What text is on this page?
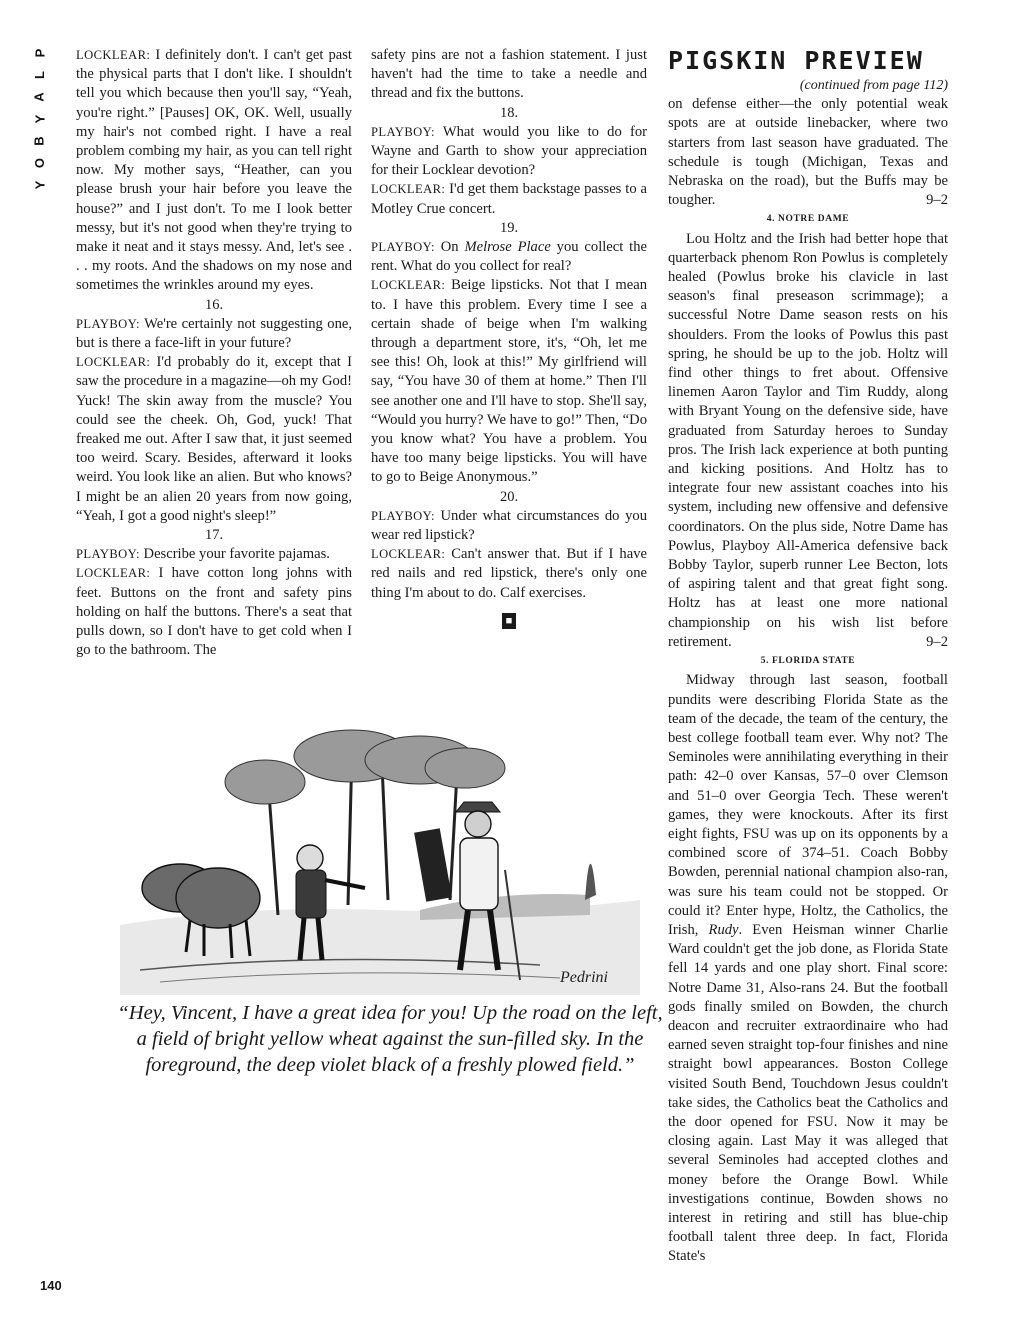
P
L
A
Y
B
O
Y

LOCKLEAR: I definitely don't. I can't get past the physical parts that I don't like. I shouldn't tell you which because then you'll say, “Yeah, you're right.” [Pauses] OK, OK. Well, usually my hair's not combed right. I have a real problem combing my hair, as you can tell right now. My mother says, “Heather, can you please brush your hair before you leave the house?” and I just don't. To me I look better messy, but it's not good when they're trying to make it neat and it stays messy. And, let's see . . . my roots. And the shadows on my nose and sometimes the wrinkles around my eyes.

16.

PLAYBOY: We're certainly not suggesting one, but is there a face-lift in your future?

LOCKLEAR: I'd probably do it, except that I saw the procedure in a magazine—oh my God! Yuck! The skin away from the muscle? You could see the cheek. Oh, God, yuck! That freaked me out. After I saw that, it just seemed too weird. Scary. Besides, afterward it looks weird. You look like an alien. But who knows? I might be an alien 20 years from now going, “Yeah, I got a good night's sleep!”

17.

PLAYBOY: Describe your favorite pajamas.

LOCKLEAR: I have cotton long johns with feet. Buttons on the front and safety pins holding on half the buttons. There's a seat that pulls down, so I don't have to get cold when I go to the bathroom. The

safety pins are not a fashion statement. I just haven't had the time to take a needle and thread and fix the buttons.

18.

PLAYBOY: What would you like to do for Wayne and Garth to show your appreciation for their Locklear devotion?

LOCKLEAR: I'd get them backstage passes to a Motley Crue concert.

19.

PLAYBOY: On Melrose Place you collect the rent. What do you collect for real?

LOCKLEAR: Beige lipsticks. Not that I mean to. I have this problem. Every time I see a certain shade of beige when I'm walking through a department store, it's, “Oh, let me see this! Oh, look at this!” My girlfriend will say, “You have 30 of them at home.” Then I'll see another one and I'll have to stop. She'll say, “Would you hurry? We have to go!” Then, “Do you know what? You have a problem. You have too many beige lipsticks. You will have to go to Beige Anonymous.”

20.

PLAYBOY: Under what circumstances do you wear red lipstick?

LOCKLEAR: Can't answer that. But if I have red nails and red lipstick, there's only one thing I'm about to do. Calf exercises.

■

PIGSKIN PREVIEW

(continued from page 112)

on defense either—the only potential weak spots are at outside linebacker, where two starters from last season have graduated. The schedule is tough (Michigan, Texas and Nebraska on the road), but the Buffs may be tougher.	9–2

4. NOTRE DAME

Lou Holtz and the Irish had better hope that quarterback phenom Ron Powlus is completely healed (Powlus broke his clavicle in last season's final preseason scrimmage); a successful Notre Dame season rests on his shoulders. From the looks of Powlus this past spring, he should be up to the job. Holtz will find other things to fret about. Offensive linemen Aaron Taylor and Tim Ruddy, along with Bryant Young on the defensive side, have graduated from Saturday heroes to Sunday pros. The Irish lack experience at both punting and kicking positions. And Holtz has to integrate four new assistant coaches into his system, including new offensive and defensive coordinators. On the plus side, Notre Dame has Powlus, Playboy All-America defensive back Bobby Taylor, superb runner Lee Becton, lots of aspiring talent and that great fight song. Holtz has at least one more national championship on his wish list before retirement.	9–2

5. FLORIDA STATE

Midway through last season, football pundits were describing Florida State as the team of the decade, the team of the century, the best college football team ever. Why not? The Seminoles were annihilating everything in their path: 42–0 over Kansas, 57–0 over Clemson and 51–0 over Georgia Tech. These weren't games, they were knockouts. After its first eight fights, FSU was up on its opponents by a combined score of 374–51. Coach Bobby Bowden, perennial national champion also-ran, was sure his team could not be stopped. Or could it? Enter hype, Holtz, the Catholics, the Irish, Rudy. Even Heisman winner Charlie Ward couldn't get the job done, as Florida State fell 14 yards and one play short. Final score: Notre Dame 31, Also-rans 24. But the football gods finally smiled on Bowden, the church deacon and recruiter extraordinaire who had earned seven straight top-four finishes and nine straight bowl appearances. Boston College visited South Bend, Touchdown Jesus couldn't take sides, the Catholics beat the Catholics and the door opened for FSU. Now it may be closing again. Last May it was alleged that several Seminoles had accepted clothes and money before the Orange Bowl. While investigations continue, Bowden shows no interest in retiring and still has blue-chip football talent three deep. In fact, Florida State's

Pedrini
“Hey, Vincent, I have a great idea for you! Up the road on the left, a field of bright yellow wheat against the sun-filled sky. In the foreground, the deep violet black of a freshly plowed field.”
140
